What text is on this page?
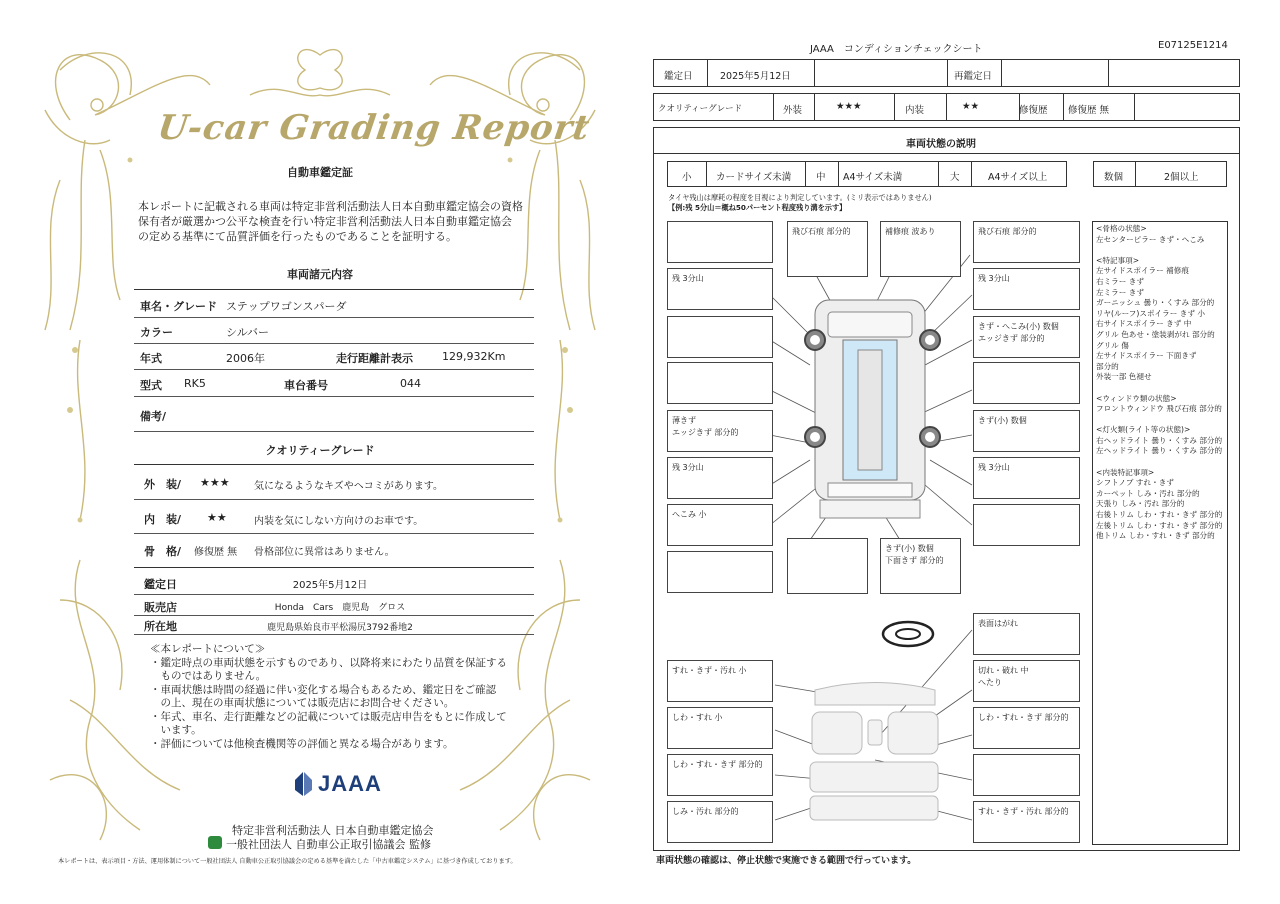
U-car Grading Report
自動車鑑定証
本レポートに記載される車両は特定非営利活動法人日本自動車鑑定協会の資格
保有者が厳選かつ公平な検査を行い特定非営利活動法人日本自動車鑑定協会
の定める基準にて品質評価を行ったものであることを証明する。
車両諸元内容
車名・グレード ステップワゴンスパーダ
カラー	シルバー
年式	2006年	走行距離計表示	129,932Km
型式 RK5	車台番号	044
備考/
クオリティーグレード
外　装/ ★★★ 気になるようなキズやヘコミがあります。
内　装/ ★★	内装を気にしない方向けのお車です。
骨　格/ 修復歴 無 骨格部位に異常はありません。
鑑定日	2025年5月12日
販売店	Honda　Cars　鹿児島　グロス
所在地	鹿児島県始良市平松湯尻3792番地2
≪本レポートについて≫
・鑑定時点の車両状態を示すものであり、以降将来にわたり品質を保証する
　ものではありません。
・車両状態は時間の経過に伴い変化する場合もあるため、鑑定日をご確認
　の上、現在の車両状態については販売店にお問合せください。
・年式、車名、走行距離などの記載については販売店申告をもとに作成して
　います。
・評価については他検査機関等の評価と異なる場合があります。
JAAA
特定非営利活動法人 日本自動車鑑定協会
一般社団法人 自動車公正取引協議会 監修
本レポートは、表示項目・方法、運用体制について一般社団法人 自動車公正取引協議会の定める基準を満たした「中古車鑑定システム」に基づき作成しております。
JAAA　コンディションチェックシート	E07125E1214
鑑定日	2025年5月12日	再鑑定日
クオリティーグレード	外装	★★★	内装	★★	修復歴 修復歴 無
車両状態の説明
小	カードサイズ未満	中 A4サイズ未満	大	A4サイズ以上	数個	2個以上
タイヤ残山は摩耗の程度を目視により判定しています。(ミリ表示ではありません)
【例:残 5分山＝概ね50パーセント程度残り溝を示す】
<骨格の状態>
左センターピラー きず・へこみ
<特記事項>
左サイドスポイラー 補修痕
右ミラー きず
左ミラー きず
ガーニッシュ 曇り・くすみ 部分的
リヤ(ルーフ)スポイラー きず 小
右サイドスポイラー きず 中
グリル 色あせ・塗装剥がれ 部分的
グリル 傷
左サイドスポイラー 下面きず
部分的
外装一部 色褪せ
<ウィンドウ類の状態>
フロントウィンドウ 飛び石痕 部分的
<灯火類(ライト等の状態)>
右ヘッドライト 曇り・くすみ 部分的
左ヘッドライト 曇り・くすみ 部分的
<内装特記事項>
シフトノブ すれ・きず
カーペット しみ・汚れ 部分的
天張り しみ・汚れ 部分的
右後トリム しわ・すれ・きず 部分的
左後トリム しわ・すれ・きず 部分的
他トリム しわ・すれ・きず 部分的
残 3分山
薄きず
エッジきず 部分的
残 3分山
へこみ 小
飛び石痕 部分的	補修痕 波あり	飛び石痕 部分的
残 3分山
きず・へこみ(小) 数個
エッジきず 部分的
きず(小) 数個
残 3分山
きず(小) 数個
下面きず 部分的
表面はがれ
すれ・きず・汚れ 小	切れ・破れ 中
へたり
しわ・すれ 小	しわ・すれ・きず 部分的
しわ・すれ・きず 部分的
しみ・汚れ 部分的	すれ・きず・汚れ 部分的
車両状態の確認は、停止状態で実施できる範囲で行っています。
